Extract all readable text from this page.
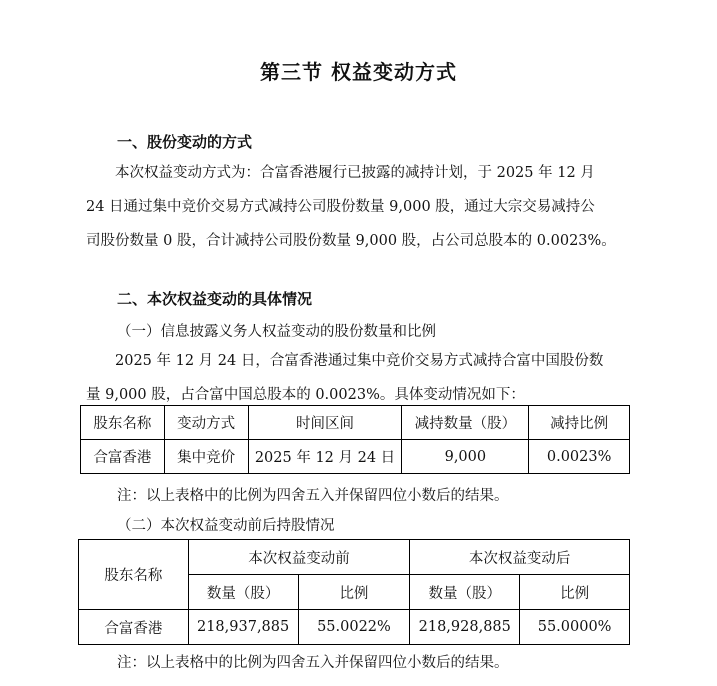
第三节 权益变动方式
一、股份变动的方式
本次权益变动方式为：合富香港履行已披露的减持计划，于 2025 年 12 月
24 日通过集中竞价交易方式减持公司股份数量 9,000 股，通过大宗交易减持公
司股份数量 0 股，合计减持公司股份数量 9,000 股，占公司总股本的 0.0023%。
二、本次权益变动的具体情况
（一）信息披露义务人权益变动的股份数量和比例
2025 年 12 月 24 日，合富香港通过集中竞价交易方式减持合富中国股份数
量 9,000 股，占合富中国总股本的 0.0023%。具体变动情况如下：
股东名称	变动方式	时间区间	减持数量（股）	减持比例
合富香港	集中竞价	2025 年 12 月 24 日	9,000	0.0023%
注：以上表格中的比例为四舍五入并保留四位小数后的结果。
（二）本次权益变动前后持股情况
股东名称	本次权益变动前		本次权益变动后	
	数量（股）	比例	数量（股）	比例
合富香港	218,937,885	55.0022%	218,928,885	55.0000%
注：以上表格中的比例为四舍五入并保留四位小数后的结果。
